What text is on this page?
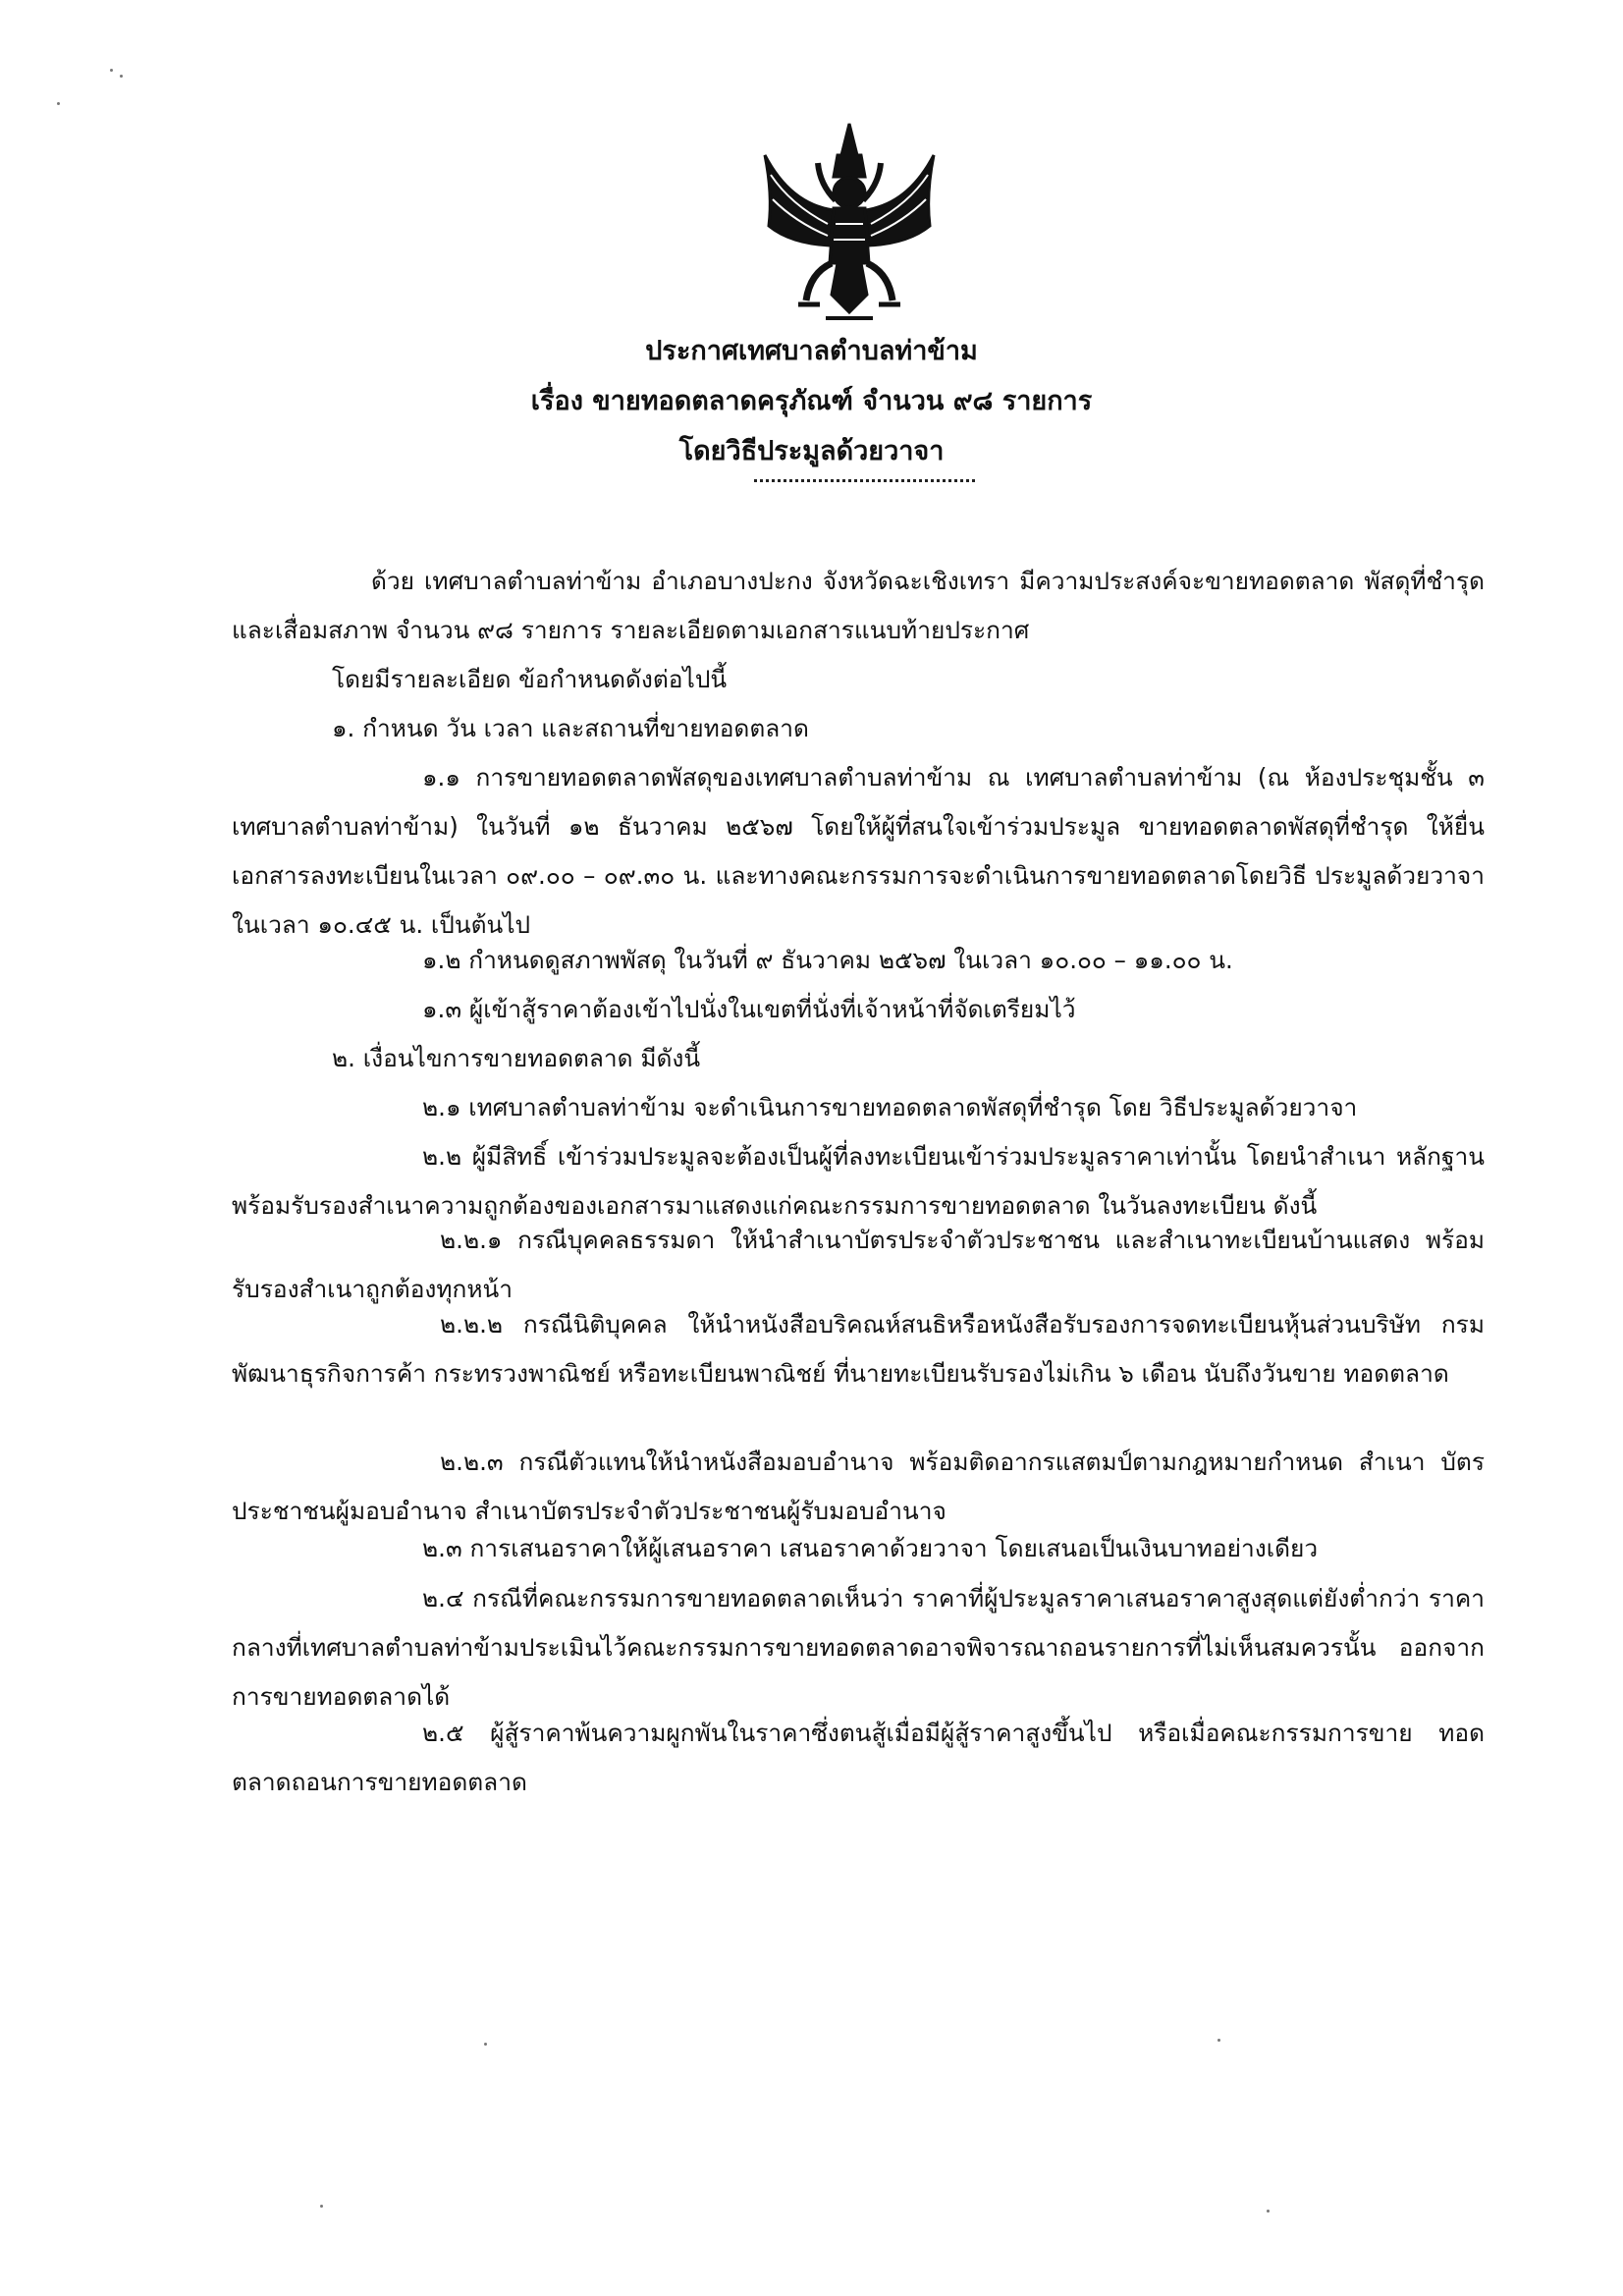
ประกาศเทศบาลตำบลท่าข้าม
เรื่อง ขายทอดตลาดครุภัณฑ์ จำนวน ๙๘ รายการ
โดยวิธีประมูลด้วยวาจา
ด้วย เทศบาลตำบลท่าข้าม อำเภอบางปะกง จังหวัดฉะเชิงเทรา มีความประสงค์จะขายทอดตลาด พัสดุที่ชำรุดและเสื่อมสภาพ จำนวน ๙๘ รายการ รายละเอียดตามเอกสารแนบท้ายประกาศ
โดยมีรายละเอียด ข้อกำหนดดังต่อไปนี้
๑. กำหนด วัน เวลา และสถานที่ขายทอดตลาด
๑.๑ การขายทอดตลาดพัสดุของเทศบาลตำบลท่าข้าม ณ เทศบาลตำบลท่าข้าม (ณ ห้องประชุมชั้น ๓ เทศบาลตำบลท่าข้าม) ในวันที่ ๑๒ ธันวาคม ๒๕๖๗ โดยให้ผู้ที่สนใจเข้าร่วมประมูล ขายทอดตลาดพัสดุที่ชำรุด ให้ยื่นเอกสารลงทะเบียนในเวลา ๐๙.๐๐ – ๐๙.๓๐ น. และทางคณะกรรมการจะดำเนินการขายทอดตลาดโดยวิธี ประมูลด้วยวาจาในเวลา ๑๐.๔๕ น. เป็นต้นไป
๑.๒ กำหนดดูสภาพพัสดุ ในวันที่ ๙ ธันวาคม ๒๕๖๗ ในเวลา ๑๐.๐๐ – ๑๑.๐๐ น.
๑.๓ ผู้เข้าสู้ราคาต้องเข้าไปนั่งในเขตที่นั่งที่เจ้าหน้าที่จัดเตรียมไว้
๒. เงื่อนไขการขายทอดตลาด มีดังนี้
๒.๑ เทศบาลตำบลท่าข้าม จะดำเนินการขายทอดตลาดพัสดุที่ชำรุด โดย วิธีประมูลด้วยวาจา
๒.๒ ผู้มีสิทธิ์ เข้าร่วมประมูลจะต้องเป็นผู้ที่ลงทะเบียนเข้าร่วมประมูลราคาเท่านั้น โดยนำสำเนา หลักฐานพร้อมรับรองสำเนาความถูกต้องของเอกสารมาแสดงแก่คณะกรรมการขายทอดตลาด ในวันลงทะเบียน ดังนี้
๒.๒.๑ กรณีบุคคลธรรมดา ให้นำสำเนาบัตรประจำตัวประชาชน และสำเนาทะเบียนบ้านแสดง พร้อมรับรองสำเนาถูกต้องทุกหน้า
๒.๒.๒ กรณีนิติบุคคล ให้นำหนังสือบริคณห์สนธิหรือหนังสือรับรองการจดทะเบียนหุ้นส่วนบริษัท กรมพัฒนาธุรกิจการค้า กระทรวงพาณิชย์ หรือทะเบียนพาณิชย์ ที่นายทะเบียนรับรองไม่เกิน ๖ เดือน นับถึงวันขาย ทอดตลาด
๒.๒.๓ กรณีตัวแทนให้นำหนังสือมอบอำนาจ พร้อมติดอากรแสตมป์ตามกฎหมายกำหนด สำเนา บัตรประชาชนผู้มอบอำนาจ สำเนาบัตรประจำตัวประชาชนผู้รับมอบอำนาจ
๒.๓ การเสนอราคาให้ผู้เสนอราคา เสนอราคาด้วยวาจา โดยเสนอเป็นเงินบาทอย่างเดียว
๒.๔ กรณีที่คณะกรรมการขายทอดตลาดเห็นว่า ราคาที่ผู้ประมูลราคาเสนอราคาสูงสุดแต่ยังต่ำกว่า ราคากลางที่เทศบาลตำบลท่าข้ามประเมินไว้คณะกรรมการขายทอดตลาดอาจพิจารณาถอนรายการที่ไม่เห็นสมควรนั้น ออกจากการขายทอดตลาดได้
๒.๕ ผู้สู้ราคาพ้นความผูกพันในราคาซึ่งตนสู้เมื่อมีผู้สู้ราคาสูงขึ้นไป หรือเมื่อคณะกรรมการขาย ทอดตลาดถอนการขายทอดตลาด
